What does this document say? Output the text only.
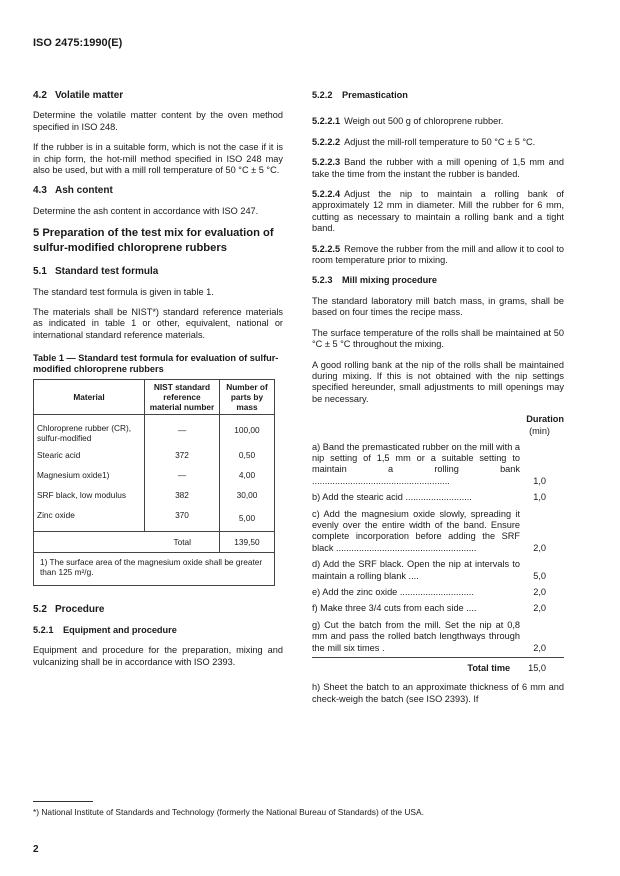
ISO 2475:1990(E)
4.2 Volatile matter

Determine the volatile matter content by the oven method specified in ISO 248.

If the rubber is in a suitable form, which is not the case if it is in chip form, the hot-mill method specified in ISO 248 may also be used, but with a mill roll temperature of 50 °C ± 5 °C.

4.3 Ash content

Determine the ash content in accordance with ISO 247.

5 Preparation of the test mix for evaluation of sulfur-modified chloroprene rubbers
5.1 Standard test formula

The standard test formula is given in table 1.

The materials shall be NIST*) standard reference materials as indicated in table 1 or other, equivalent, national or international standard reference materials.

Table 1 — Standard test formula for evaluation of sulfur-modified chloroprene rubbers
Material	NIST standard reference material number	Number of parts by mass
Chloroprene rubber (CR), sulfur-modified	—	100,00
Stearic acid	372	0,50
Magnesium oxide1)	—	4,00
SRF black, low modulus	382	30,00
Zinc oxide	370	5,00
Total		139,50
1) The surface area of the magnesium oxide shall be greater than 125 m²/g.		
5.2 Procedure
5.2.1 Equipment and procedure

Equipment and procedure for the preparation, mixing and vulcanizing shall be in accordance with ISO 2393.

5.2.2 Premastication

5.2.2.1 Weigh out 500 g of chloroprene rubber.

5.2.2.2 Adjust the mill-roll temperature to 50 °C ± 5 °C.

5.2.2.3 Band the rubber with a mill opening of 1,5 mm and take the time from the instant the rubber is banded.

5.2.2.4 Adjust the nip to maintain a rolling bank of approximately 12 mm in diameter. Mill the rubber for 6 mm, cutting as necessary to maintain a rolling bank and a tight band.

5.2.2.5 Remove the rubber from the mill and allow it to cool to room temperature prior to mixing.

5.2.3 Mill mixing procedure

The standard laboratory mill batch mass, in grams, shall be based on four times the recipe mass.

The surface temperature of the rolls shall be maintained at 50 °C ± 5 °C throughout the mixing.

A good rolling bank at the nip of the rolls shall be maintained during mixing. If this is not obtained with the nip settings specified hereunder, small adjustments to mill openings may be necessary.

Duration
(min)
a) Band the premasticated rubber on the mill with a nip setting of 1,5 mm or a suitable setting to maintain a rolling bank ......................................................	1,0
b) Add the stearic acid ..........................	1,0
c) Add the magnesium oxide slowly, spreading it evenly over the entire width of the band. Ensure complete incorporation before adding the SRF black .......................................................	2,0
d) Add the SRF black. Open the nip at intervals to maintain a rolling blank ....	5,0
e) Add the zinc oxide .............................	2,0
f) Make three 3/4 cuts from each side ....	2,0
g) Cut the batch from the mill. Set the nip at 0,8 mm and pass the rolled batch lengthways through the mill six times .	2,0
Total time 15,0

h) Sheet the batch to an approximate thickness of 6 mm and check-weigh the batch (see ISO 2393). If

*) National Institute of Standards and Technology (formerly the National Bureau of Standards) of the USA.
2
